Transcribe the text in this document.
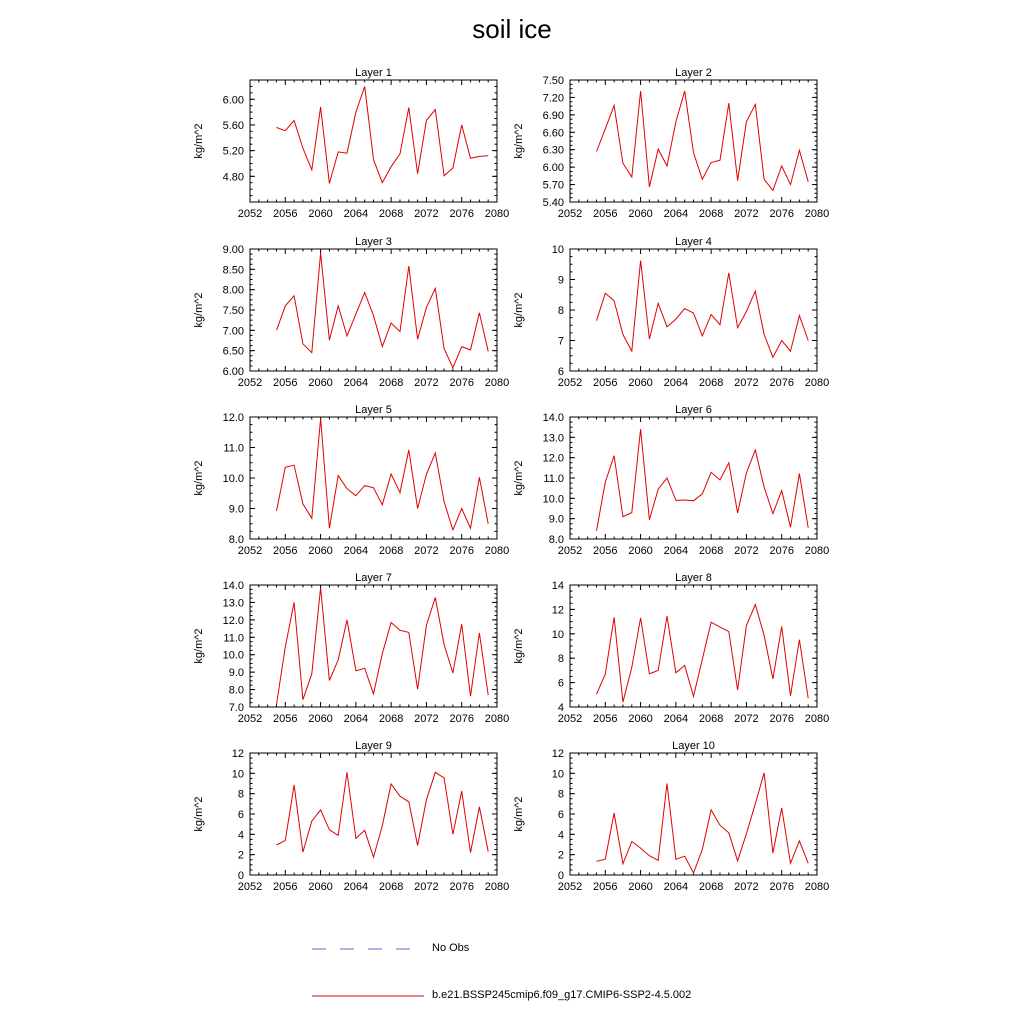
soil ice
Layer 1
kg/m^2
2052 2056 2060 2064 2068 2072 2076 2080
4.80
5.20
5.60
6.00
Layer 2
kg/m^2
2052 2056 2060 2064 2068 2072 2076 2080
5.40
5.70
6.00
6.30
6.60
6.90
7.20
7.50
Layer 3
kg/m^2
2052 2056 2060 2064 2068 2072 2076 2080
6.00
6.50
7.00
7.50
8.00
8.50
9.00
Layer 4
kg/m^2
2052 2056 2060 2064 2068 2072 2076 2080
6
7
8
9
10
Layer 5
kg/m^2
2052 2056 2060 2064 2068 2072 2076 2080
8.0
9.0
10.0
11.0
12.0
Layer 6
kg/m^2
2052 2056 2060 2064 2068 2072 2076 2080
8.0
9.0
10.0
11.0
12.0
13.0
14.0
Layer 7
kg/m^2
2052 2056 2060 2064 2068 2072 2076 2080
7.0
8.0
9.0
10.0
11.0
12.0
13.0
14.0
Layer 8
kg/m^2
2052 2056 2060 2064 2068 2072 2076 2080
4
6
8
10
12
14
Layer 9
kg/m^2
2052 2056 2060 2064 2068 2072 2076 2080
0
2
4
6
8
10
12
Layer 10
kg/m^2
2052 2056 2060 2064 2068 2072 2076 2080
0
2
4
6
8
10
12
No Obs
b.e21.BSSP245cmip6.f09_g17.CMIP6-SSP2-4.5.002
